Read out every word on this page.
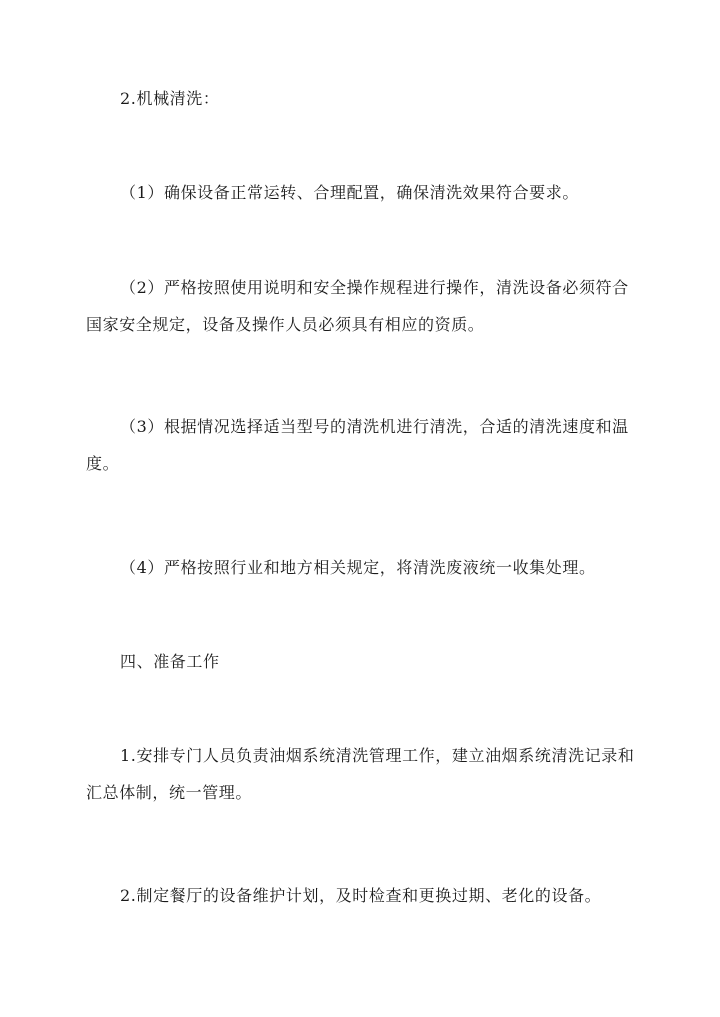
2.机械清洗：

（1）确保设备正常运转、合理配置，确保清洗效果符合要求。

（2）严格按照使用说明和安全操作规程进行操作，清洗设备必须符合国家安全规定，设备及操作人员必须具有相应的资质。

（3）根据情况选择适当型号的清洗机进行清洗，合适的清洗速度和温度。

（4）严格按照行业和地方相关规定，将清洗废液统一收集处理。

四、准备工作

1.安排专门人员负责油烟系统清洗管理工作，建立油烟系统清洗记录和汇总体制，统一管理。

2.制定餐厅的设备维护计划，及时检查和更换过期、老化的设备。
